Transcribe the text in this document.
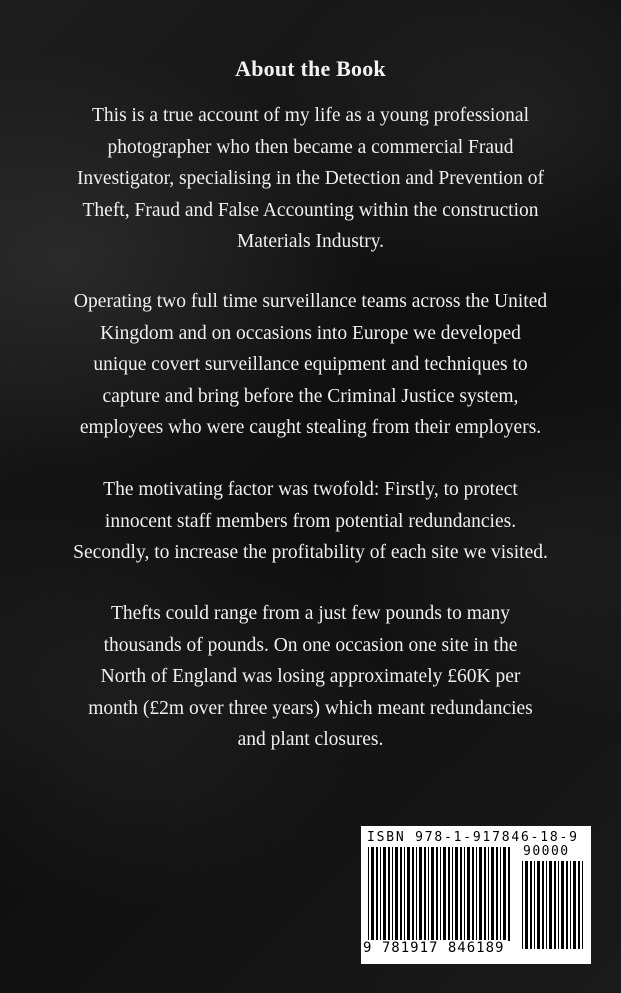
About the Book
This is a true account of my life as a young professional
photographer who then became a commercial Fraud
Investigator, specialising in the Detection and Prevention of
Theft, Fraud and False Accounting within the construction
Materials Industry.
Operating two full time surveillance teams across the United
Kingdom and on occasions into Europe we developed
unique covert surveillance equipment and techniques to
capture and bring before the Criminal Justice system,
employees who were caught stealing from their employers.
The motivating factor was twofold: Firstly, to protect
innocent staff members from potential redundancies.
Secondly, to increase the profitability of each site we visited.
Thefts could range from a just few pounds to many
thousands of pounds. On one occasion one site in the
North of England was losing approximately £60K per
month (£2m over three years) which meant redundancies
and plant closures.
ISBN 978-1-917846-18-9
90000
9 781917 846189
